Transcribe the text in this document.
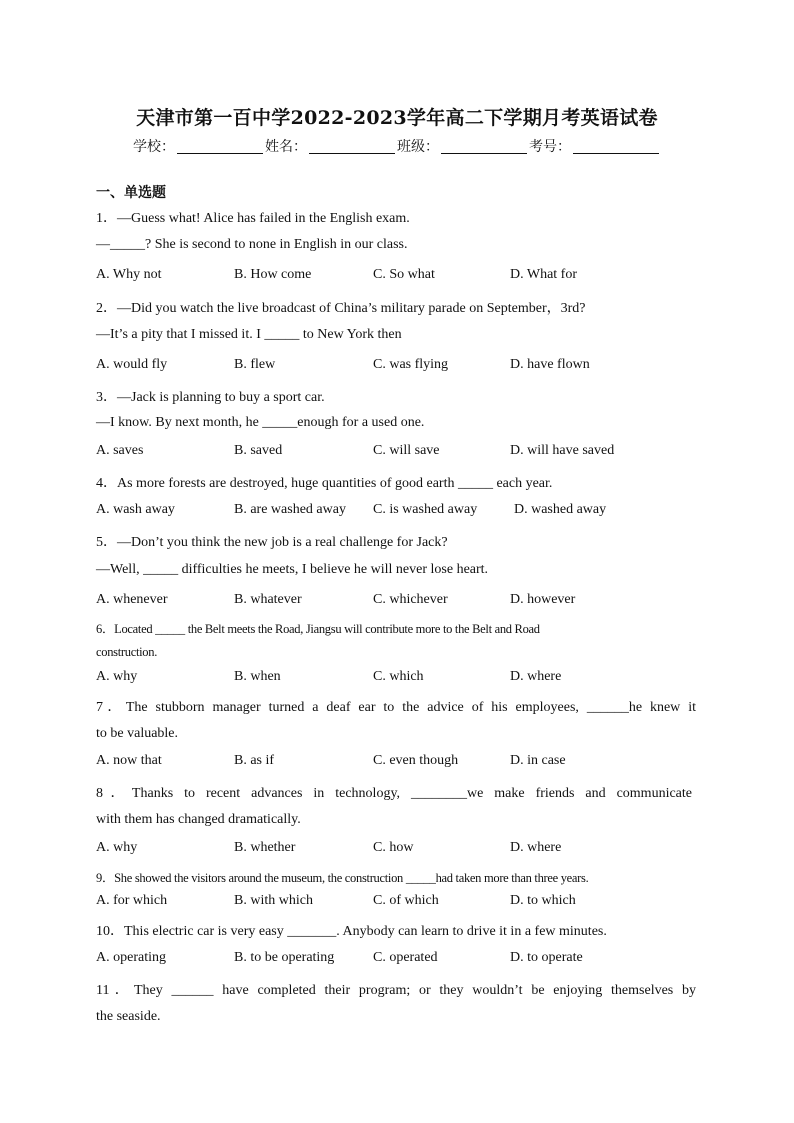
天津市第一百中学2022-2023学年高二下学期月考英语试卷
学校：	姓名：	班级：	考号：
一、单选题
1．—Guess what! Alice has failed in the English exam.
—_____? She is second to none in English in our class.
A. Why not	B. How come	C. So what	D. What for
2．—Did you watch the live broadcast of China’s military parade on September，3rd?
—It’s a pity that I missed it. I _____ to New York then
A. would fly	B. flew	C. was flying	D. have flown
3．—Jack is planning to buy a sport car.
—I know. By next month, he _____enough for a used one.
A. saves	B. saved	C. will save	D. will have saved
4．As more forests are destroyed, huge quantities of good earth _____ each year.
A. wash away	B. are washed away C. is washed away	D. washed away
5．—Don’t you think the new job is a real challenge for Jack?
—Well, _____ difficulties he meets, I believe he will never lose heart.
A. whenever	B. whatever	C. whichever	D. however
6．Located _____ the Belt meets the Road, Jiangsu will contribute more to the Belt and Road
construction.
A. why	B. when	C. which	D. where
7．The stubborn manager turned a deaf ear to the advice of his employees, ______he knew it
to be valuable.
A. now that	B. as if	C. even though	D. in case
8．Thanks to recent advances in technology, ________we make friends and communicate
with them has changed dramatically.
A. why	B. whether	C. how	D. where
9．She showed the visitors around the museum, the construction _____had taken more than three years.
A. for which	B. with which	C. of which	D. to which
10．This electric car is very easy _______. Anybody can learn to drive it in a few minutes.
A. operating	B. to be operating	C. operated	D. to operate
11．They ______ have completed their program; or they wouldn’t be enjoying themselves by
the seaside.
